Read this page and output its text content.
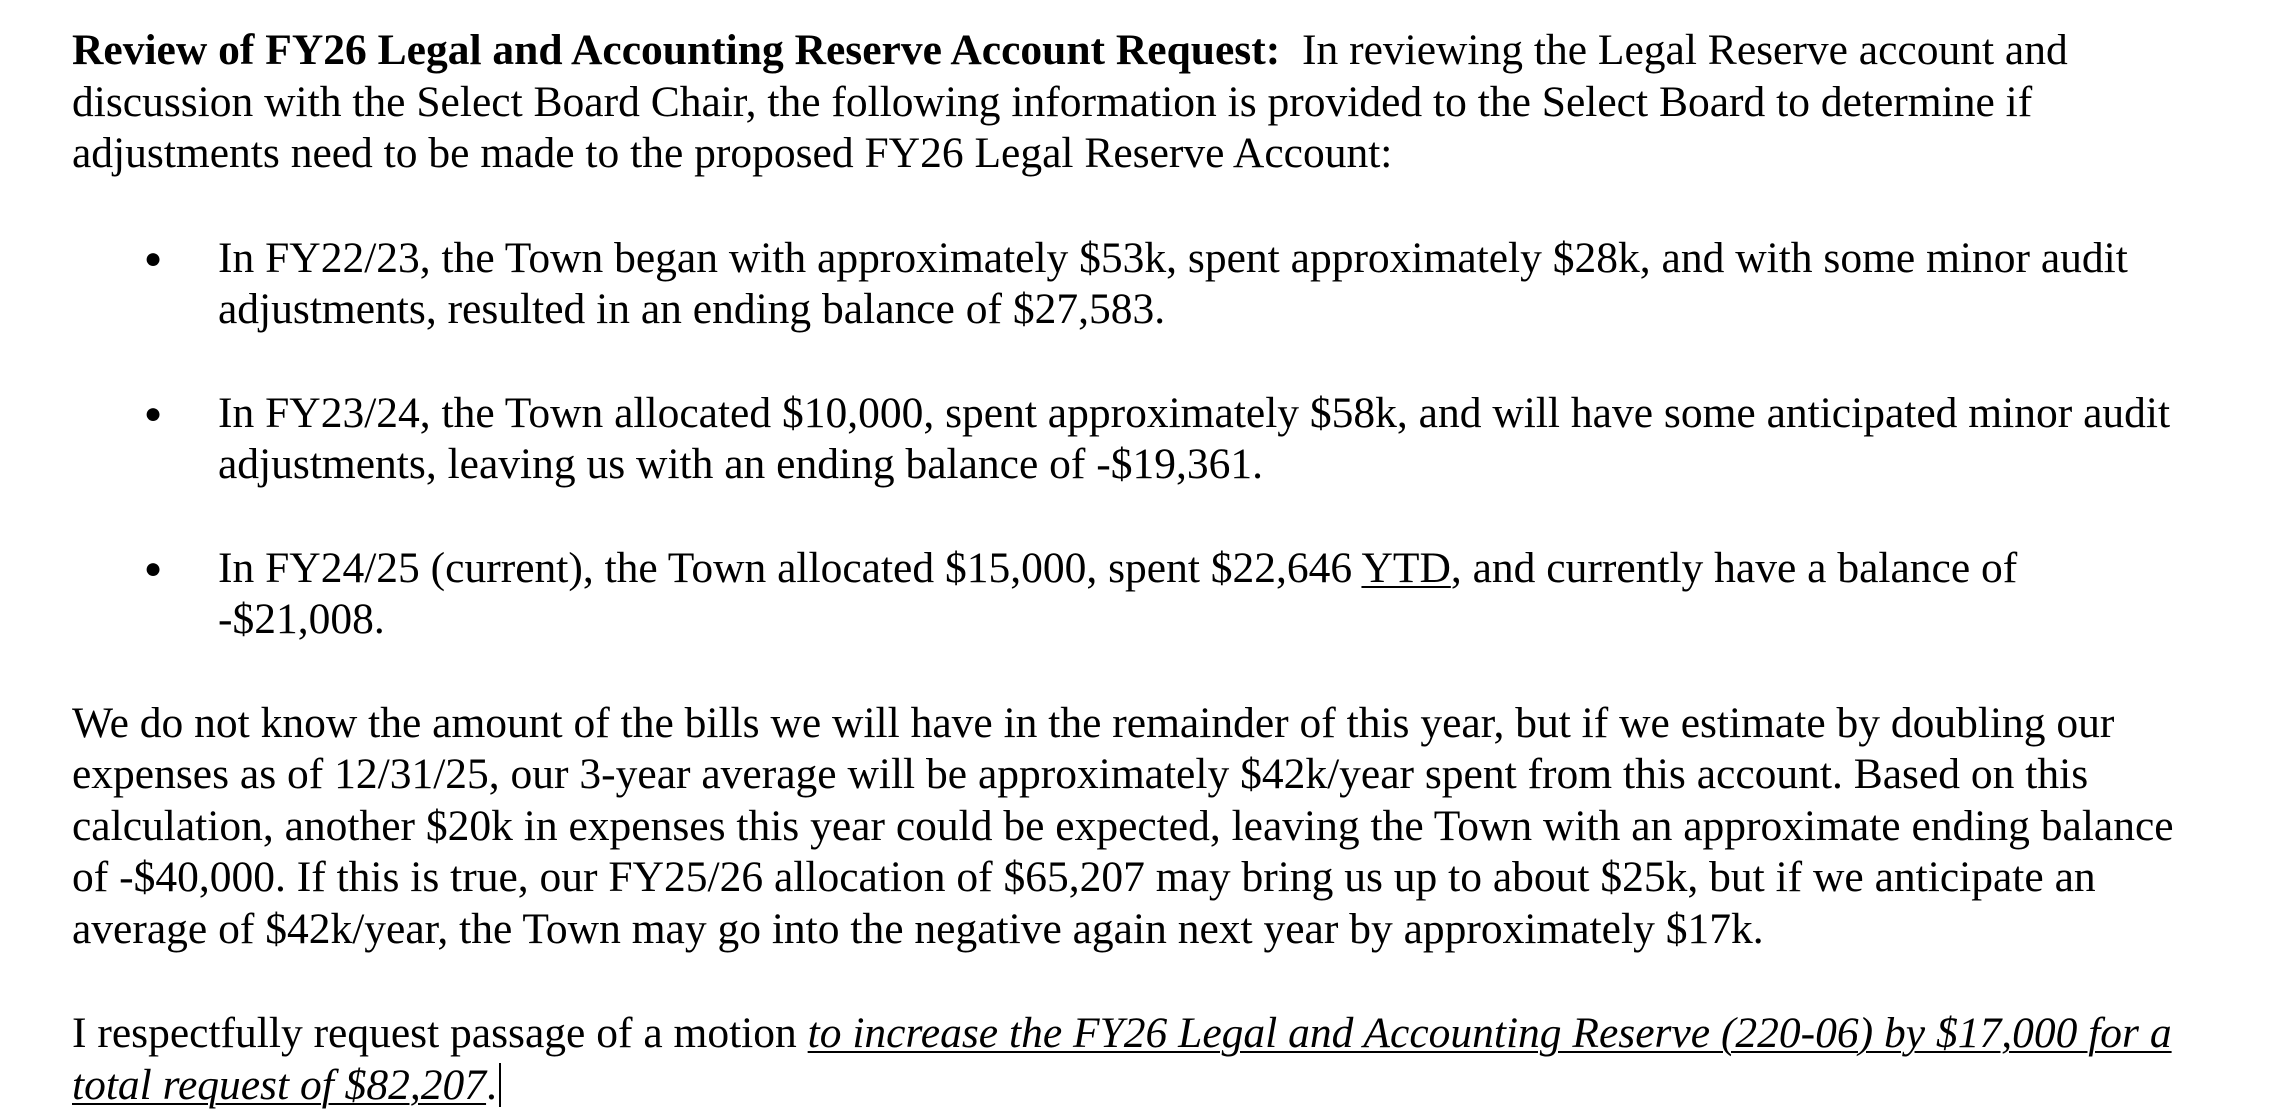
Review of FY26 Legal and Accounting Reserve Account Request: In reviewing the Legal Reserve account and discussion with the Select Board Chair, the following information is provided to the Select Board to determine if adjustments need to be made to the proposed FY26 Legal Reserve Account:

● In FY22/23, the Town began with approximately $53k, spent approximately $28k, and with some minor audit adjustments, resulted in an ending balance of $27,583.
● In FY23/24, the Town allocated $10,000, spent approximately $58k, and will have some anticipated minor audit adjustments, leaving us with an ending balance of -$19,361.
● In FY24/25 (current), the Town allocated $15,000, spent $22,646 YTD, and currently have a balance of -$21,008.

We do not know the amount of the bills we will have in the remainder of this year, but if we estimate by doubling our expenses as of 12/31/25, our 3-year average will be approximately $42k/year spent from this account. Based on this calculation, another $20k in expenses this year could be expected, leaving the Town with an approximate ending balance of -$40,000. If this is true, our FY25/26 allocation of $65,207 may bring us up to about $25k, but if we anticipate an average of $42k/year, the Town may go into the negative again next year by approximately $17k.

I respectfully request passage of a motion to increase the FY26 Legal and Accounting Reserve (220-06) by $17,000 for a total request of $82,207.
